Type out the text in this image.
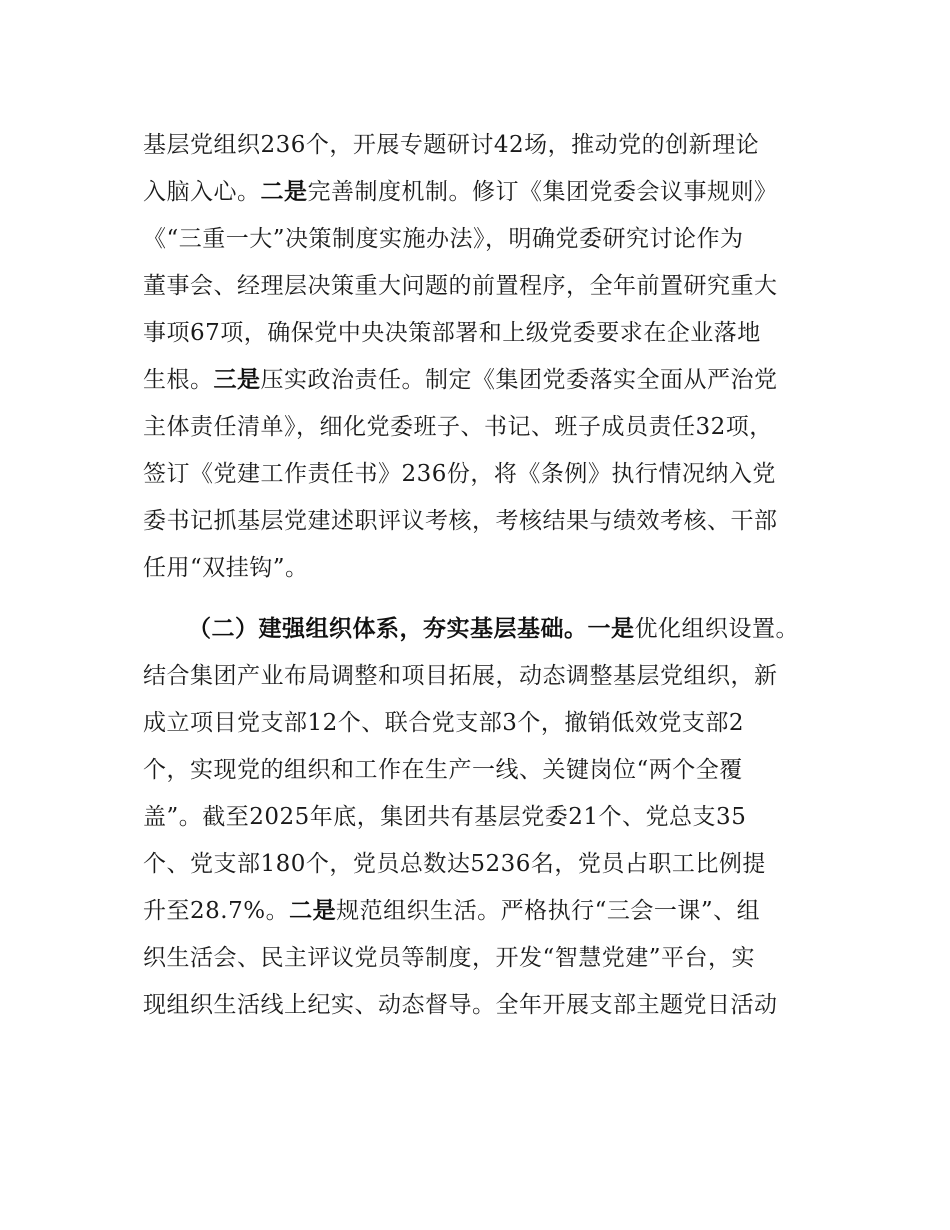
基层党组织236个，开展专题研讨42场，推动党的创新理论
入脑入心。二是完善制度机制。修订《集团党委会议事规则》
《“三重一大”决策制度实施办法》，明确党委研究讨论作为
董事会、经理层决策重大问题的前置程序，全年前置研究重大
事项67项，确保党中央决策部署和上级党委要求在企业落地
生根。三是压实政治责任。制定《集团党委落实全面从严治党
主体责任清单》，细化党委班子、书记、班子成员责任32项，
签订《党建工作责任书》236份，将《条例》执行情况纳入党
委书记抓基层党建述职评议考核，考核结果与绩效考核、干部
任用“双挂钩”。
（二）建强组织体系，夯实基层基础。一是优化组织设置。
结合集团产业布局调整和项目拓展，动态调整基层党组织，新
成立项目党支部12个、联合党支部3个，撤销低效党支部2
个，实现党的组织和工作在生产一线、关键岗位“两个全覆
盖”。截至2025年底，集团共有基层党委21个、党总支35
个、党支部180个，党员总数达5236名，党员占职工比例提
升至28.7%。二是规范组织生活。严格执行“三会一课”、组
织生活会、民主评议党员等制度，开发“智慧党建”平台，实
现组织生活线上纪实、动态督导。全年开展支部主题党日活动
